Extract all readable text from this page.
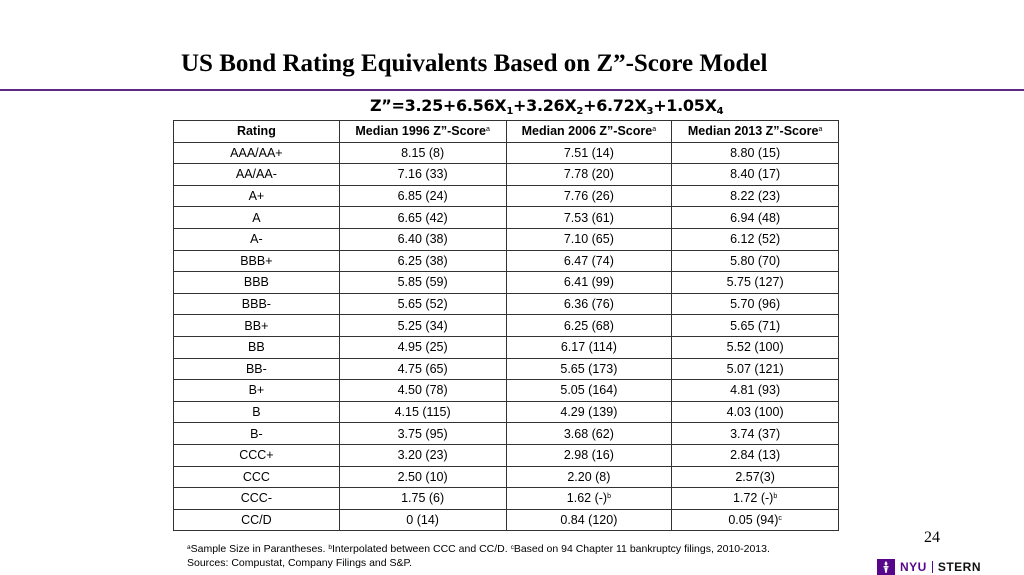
US Bond Rating Equivalents Based on Z”-Score Model
$Z”=3.25+6.56X_1+3.26X_2+6.72X_3+1.05X_4$
Rating	Median 1996 Z”-Score$^a$	Median 2006 Z”-Score$^a$	Median 2013 Z”-Score$^a$
AAA/AA+	8.15 (8)	7.51 (14)	8.80 (15)
AA/AA-	7.16 (33)	7.78 (20)	8.40 (17)
A+	6.85 (24)	7.76 (26)	8.22 (23)
A	6.65 (42)	7.53 (61)	6.94 (48)
A-	6.40 (38)	7.10 (65)	6.12 (52)
BBB+	6.25 (38)	6.47 (74)	5.80 (70)
BBB	5.85 (59)	6.41 (99)	5.75 (127)
BBB-	5.65 (52)	6.36 (76)	5.70 (96)
BB+	5.25 (34)	6.25 (68)	5.65 (71)
BB	4.95 (25)	6.17 (114)	5.52 (100)
BB-	4.75 (65)	5.65 (173)	5.07 (121)
B+	4.50 (78)	5.05 (164)	4.81 (93)
B	4.15 (115)	4.29 (139)	4.03 (100)
B-	3.75 (95)	3.68 (62)	3.74 (37)
CCC+	3.20 (23)	2.98 (16)	2.84 (13)
CCC	2.50 (10)	2.20 (8)	2.57(3)
CCC-	1.75 (6)	1.62 $(-)^b$	1.72 $(-)^b$
CC/D	0 (14)	0.84 (120)	0.05 $(94)^c$
24
$^a$Sample Size in Parantheses. $^b$Interpolated between CCC and CC/D. $^c$Based on 94 Chapter 11 bankruptcy filings, 2010-2013.
Sources: Compustat, Company Filings and S&P.	NYU STERN
